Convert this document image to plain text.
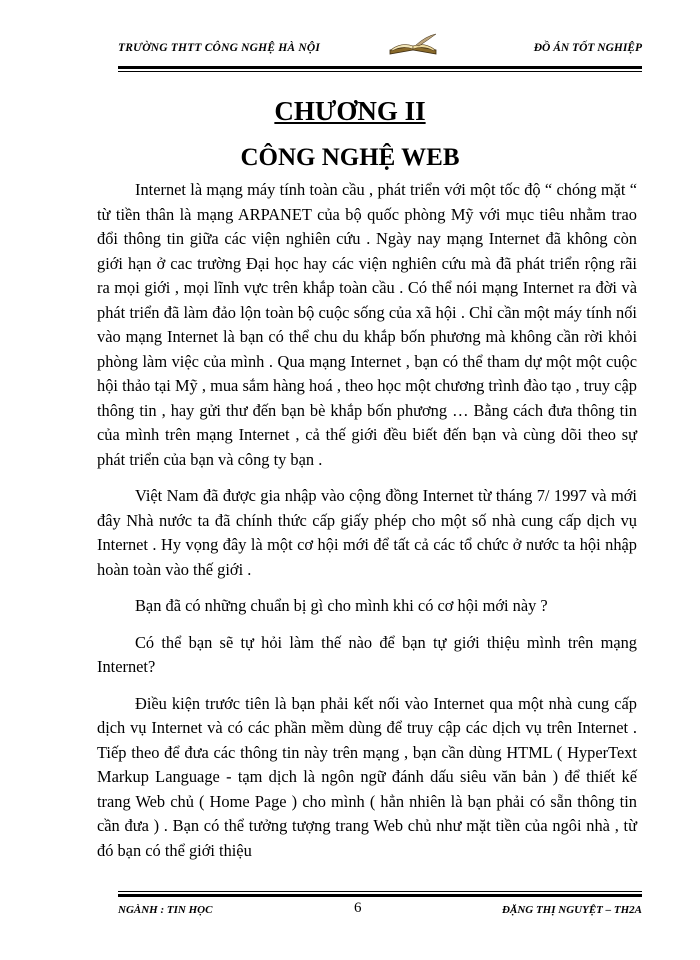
TRƯỜNG THTT CÔNG NGHỆ HÀ NỘI	ĐỒ ÁN TỐT NGHIỆP
CHƯƠNG II
CÔNG NGHỆ WEB

Internet là mạng máy tính toàn cầu , phát triển với một tốc độ “ chóng mặt “ từ tiền thân là mạng ARPANET của bộ quốc phòng Mỹ với mục tiêu nhằm trao đổi thông tin giữa các viện nghiên cứu . Ngày nay mạng Internet đã không còn giới hạn ở cac trường Đại học hay các viện nghiên cứu mà đã phát triển rộng rãi ra mọi giới , mọi lĩnh vực trên khắp toàn cầu . Có thể nói mạng Internet ra đời và phát triển đã làm đảo lộn toàn bộ cuộc sống của xã hội . Chỉ cần một máy tính nối vào mạng Internet là bạn có thể chu du khắp bốn phương mà không cần rời khỏi phòng làm việc của mình . Qua mạng Internet , bạn có thể tham dự một một cuộc hội thảo tại Mỹ , mua sắm hàng hoá , theo học một chương trình đào tạo , truy cập thông tin , hay gửi thư đến bạn bè khắp bốn phương … Bằng cách đưa thông tin của mình trên mạng Internet , cả thế giới đều biết đến bạn và cùng dõi theo sự phát triển của bạn và công ty bạn .

Việt Nam đã được gia nhập vào cộng đồng Internet từ tháng 7/ 1997 và mới đây Nhà nước ta đã chính thức cấp giấy phép cho một số nhà cung cấp dịch vụ Internet . Hy vọng đây là một cơ hội mới để tất cả các tổ chức ở nước ta hội nhập hoàn toàn vào thế giới .

Bạn đã có những chuẩn bị gì cho mình khi có cơ hội mới này ?

Có thể bạn sẽ tự hỏi làm thế nào để bạn tự giới thiệu mình trên mạng Internet?

Điều kiện trước tiên là bạn phải kết nối vào Internet qua một nhà cung cấp dịch vụ Internet và có các phần mềm dùng để truy cập các dịch vụ trên Internet . Tiếp theo để đưa các thông tin này trên mạng , bạn cần dùng HTML ( HyperText Markup Language - tạm dịch là ngôn ngữ đánh dấu siêu văn bản ) để thiết kế trang Web chủ ( Home Page ) cho mình ( hẳn nhiên là bạn phải có sẵn thông tin cần đưa ) . Bạn có thể tưởng tượng trang Web chủ như mặt tiền của ngôi nhà , từ đó bạn có thể giới thiệu

NGÀNH : TIN HỌC	6	ĐẶNG THỊ NGUYỆT – TH2A
